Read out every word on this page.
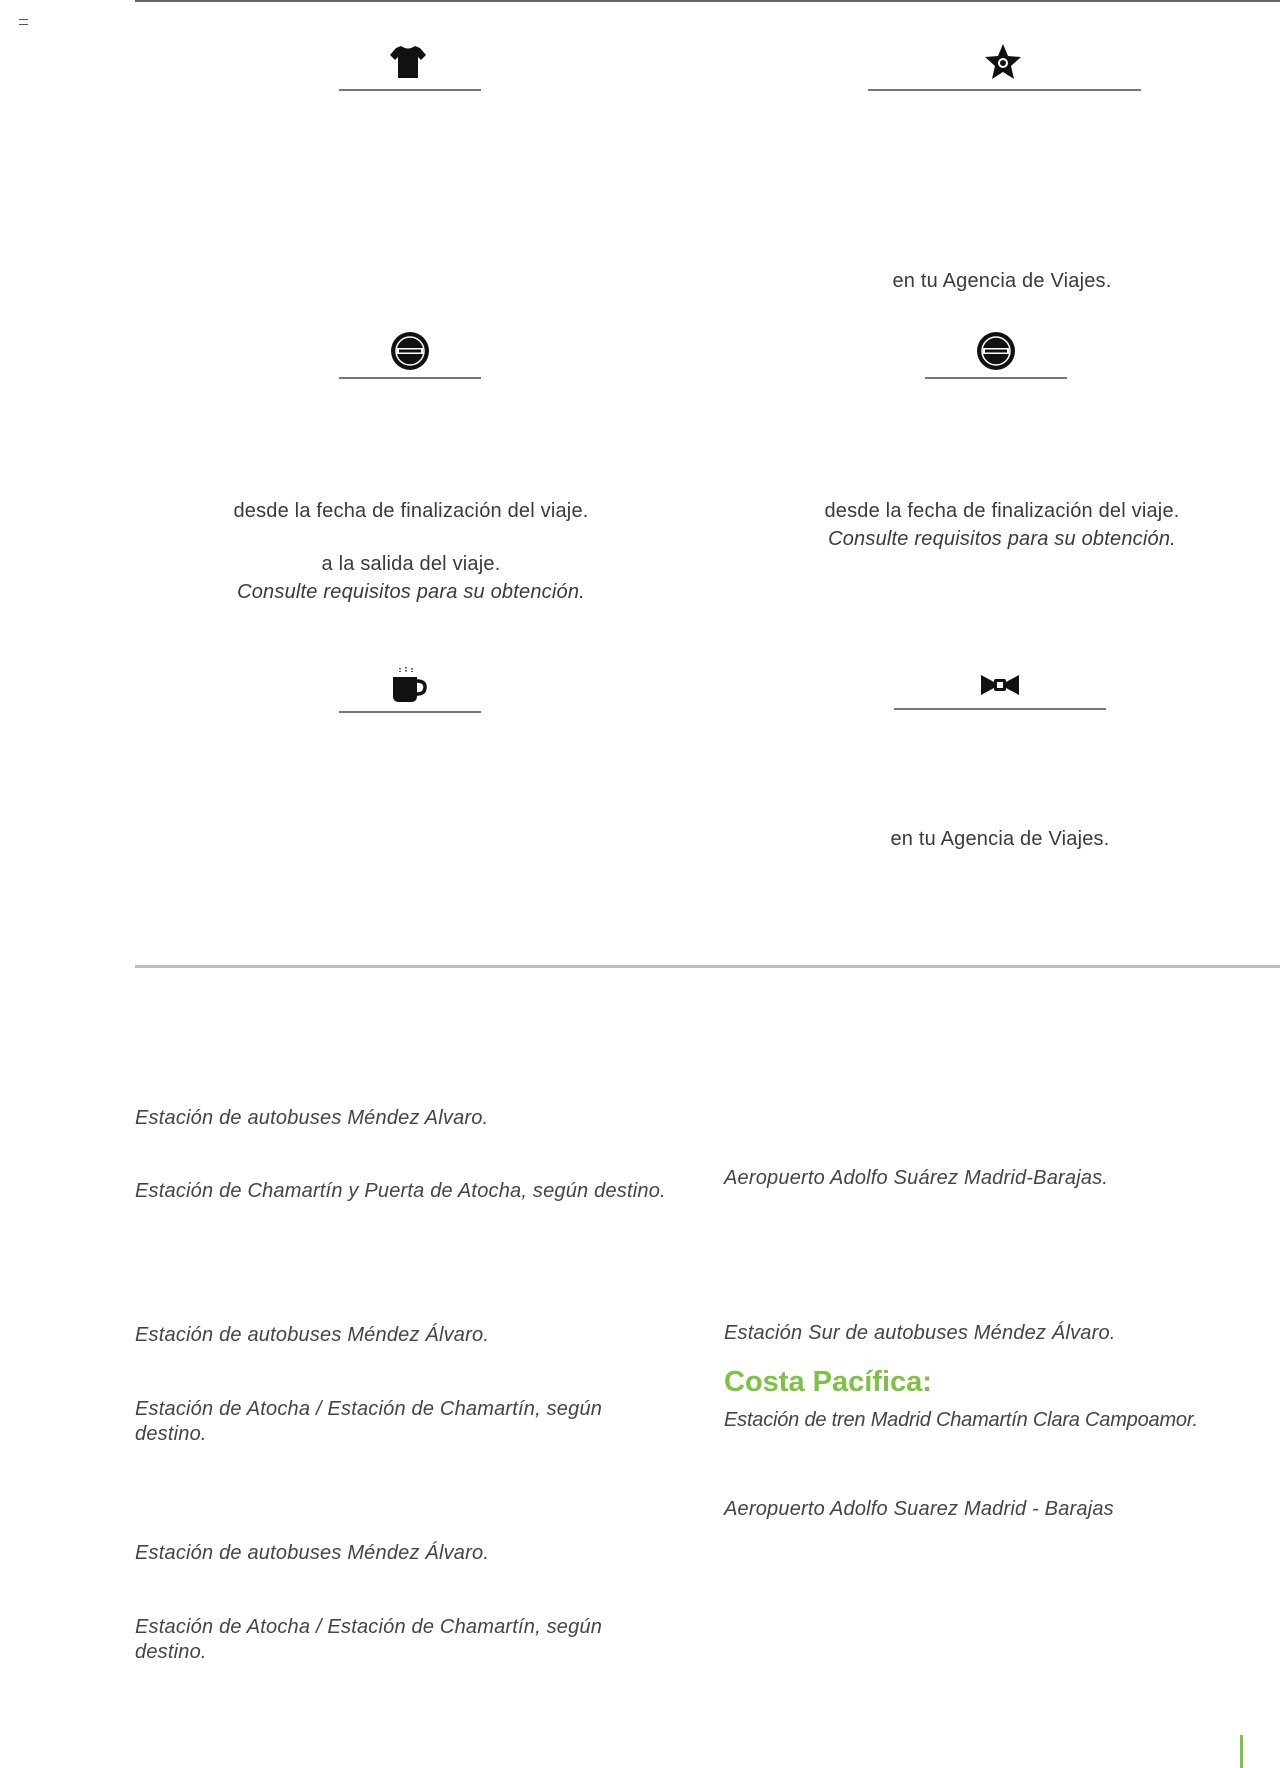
en tu Agencia de Viajes.
desde la fecha de finalización del viaje.
a la salida del viaje.
Consulte requisitos para su obtención.
desde la fecha de finalización del viaje.
Consulte requisitos para su obtención.
en tu Agencia de Viajes.
Estación de autobuses Méndez Alvaro.
Estación de Chamartín y Puerta de Atocha, según destino.
Estación de autobuses Méndez Álvaro.
Estación de Atocha / Estación de Chamartín, según destino.
Estación de autobuses Méndez Álvaro.
Estación de Atocha / Estación de Chamartín, según destino.
Aeropuerto Adolfo Suárez Madrid-Barajas.
Estación Sur de autobuses Méndez Álvaro.
Costa Pacífica:
Estación de tren Madrid Chamartín Clara Campoamor.
Aeropuerto Adolfo Suarez Madrid - Barajas
